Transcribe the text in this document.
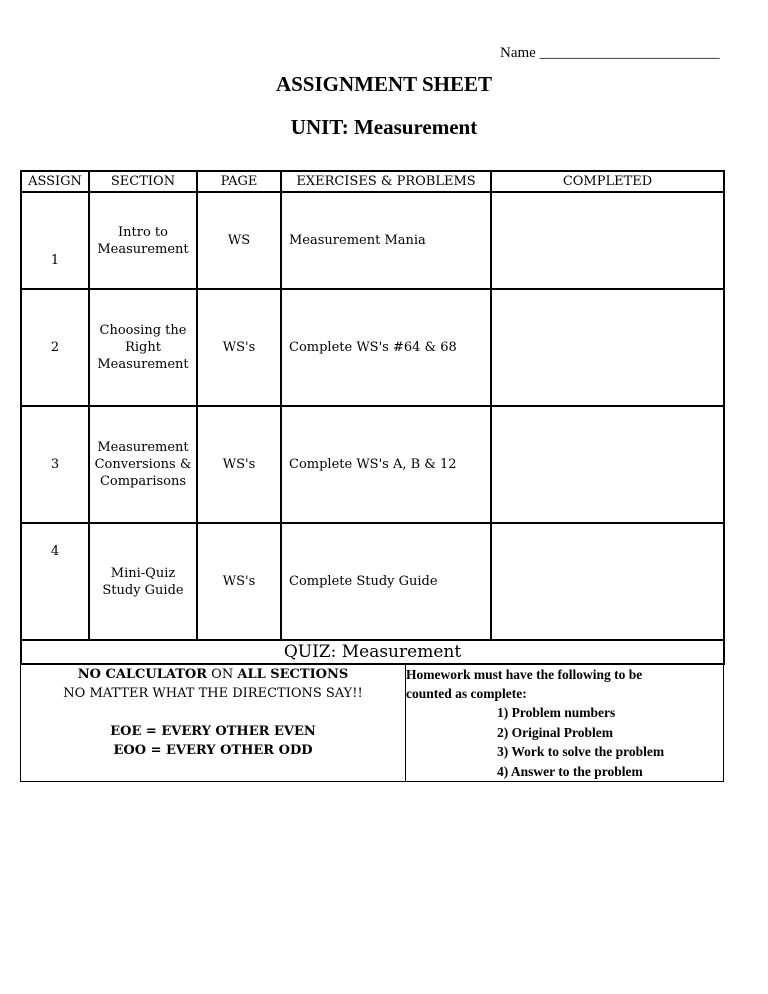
Name ________________________
ASSIGNMENT SHEET
UNIT: Measurement
ASSIGN	SECTION	PAGE	EXERCISES & PROBLEMS	COMPLETED
1	Intro to
Measurement	WS	Measurement Mania	
2	Choosing the
Right
Measurement	WS's	Complete WS's #64 & 68	
3	Measurement
Conversions &
Comparisons	WS's	Complete WS's A, B & 12	
4	Mini-Quiz
Study Guide	WS's	Complete Study Guide	
QUIZ: Measurement				
NO CALCULATOR ON ALL SECTIONS
NO MATTER WHAT THE DIRECTIONS SAY!!
EOE = EVERY OTHER EVEN
EOO = EVERY OTHER ODD

Homework must have the following to be
counted as complete:
1) Problem numbers
2) Original Problem
3) Work to solve the problem
4) Answer to the problem
